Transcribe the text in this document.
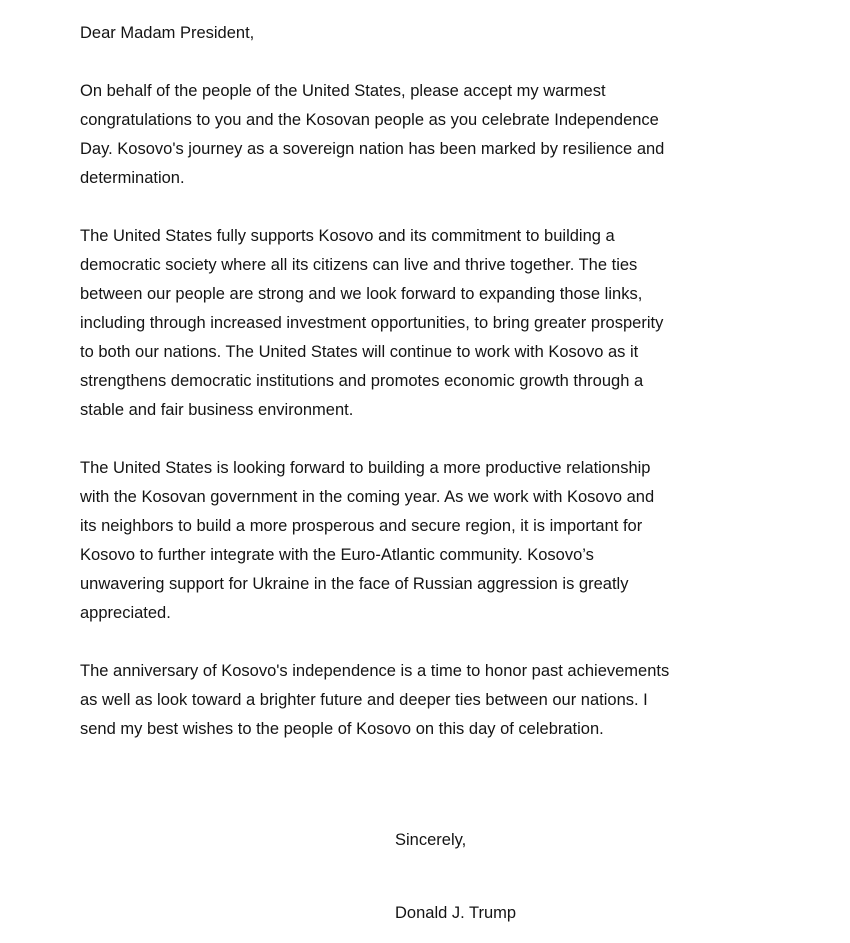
Dear Madam President,

On behalf of the people of the United States, please accept my warmest
congratulations to you and the Kosovan people as you celebrate Independence
Day. Kosovo's journey as a sovereign nation has been marked by resilience and
determination.

The United States fully supports Kosovo and its commitment to building a
democratic society where all its citizens can live and thrive together. The ties
between our people are strong and we look forward to expanding those links,
including through increased investment opportunities, to bring greater prosperity
to both our nations. The United States will continue to work with Kosovo as it
strengthens democratic institutions and promotes economic growth through a
stable and fair business environment.

The United States is looking forward to building a more productive relationship
with the Kosovan government in the coming year. As we work with Kosovo and
its neighbors to build a more prosperous and secure region, it is important for
Kosovo to further integrate with the Euro-Atlantic community. Kosovo’s
unwavering support for Ukraine in the face of Russian aggression is greatly
appreciated.

The anniversary of Kosovo's independence is a time to honor past achievements
as well as look toward a brighter future and deeper ties between our nations. I
send my best wishes to the people of Kosovo on this day of celebration.

Sincerely,
Donald J. Trump
